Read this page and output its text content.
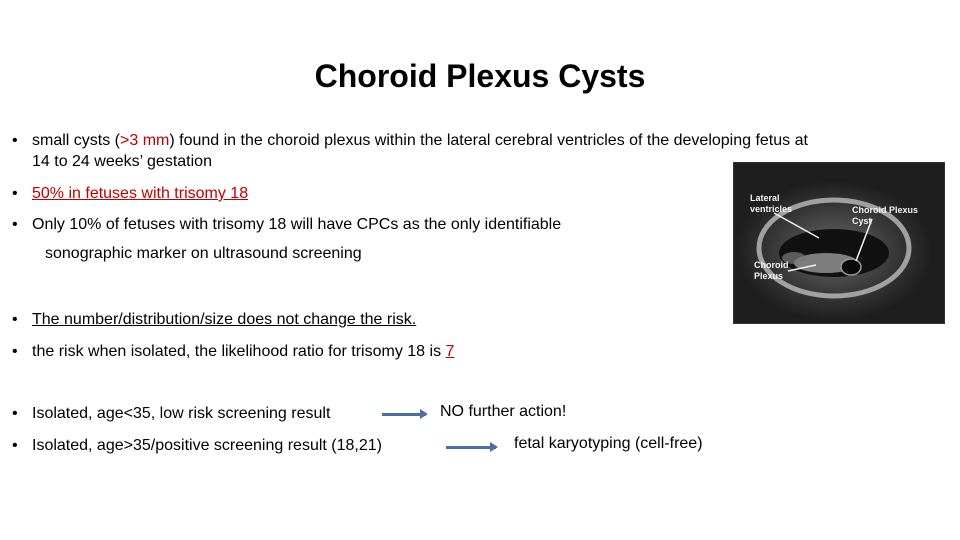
Choroid Plexus Cysts
• small cysts (>3 mm) found in the choroid plexus within the lateral cerebral ventricles of the developing fetus at
14 to 24 weeks’ gestation
• 50% in fetuses with trisomy 18
• Only 10% of fetuses with trisomy 18 will have CPCs as the only identifiable
sonographic marker on ultrasound screening
• The number/distribution/size does not change the risk.
• the risk when isolated, the likelihood ratio for trisomy 18 is 7
• Isolated, age<35, low risk screening result	NO further action!
• Isolated, age>35/positive screening result (18,21)	fetal karyotyping (cell-free)
Lateral ventricles	Choroid Plexus Cyst
Choroid Plexus
